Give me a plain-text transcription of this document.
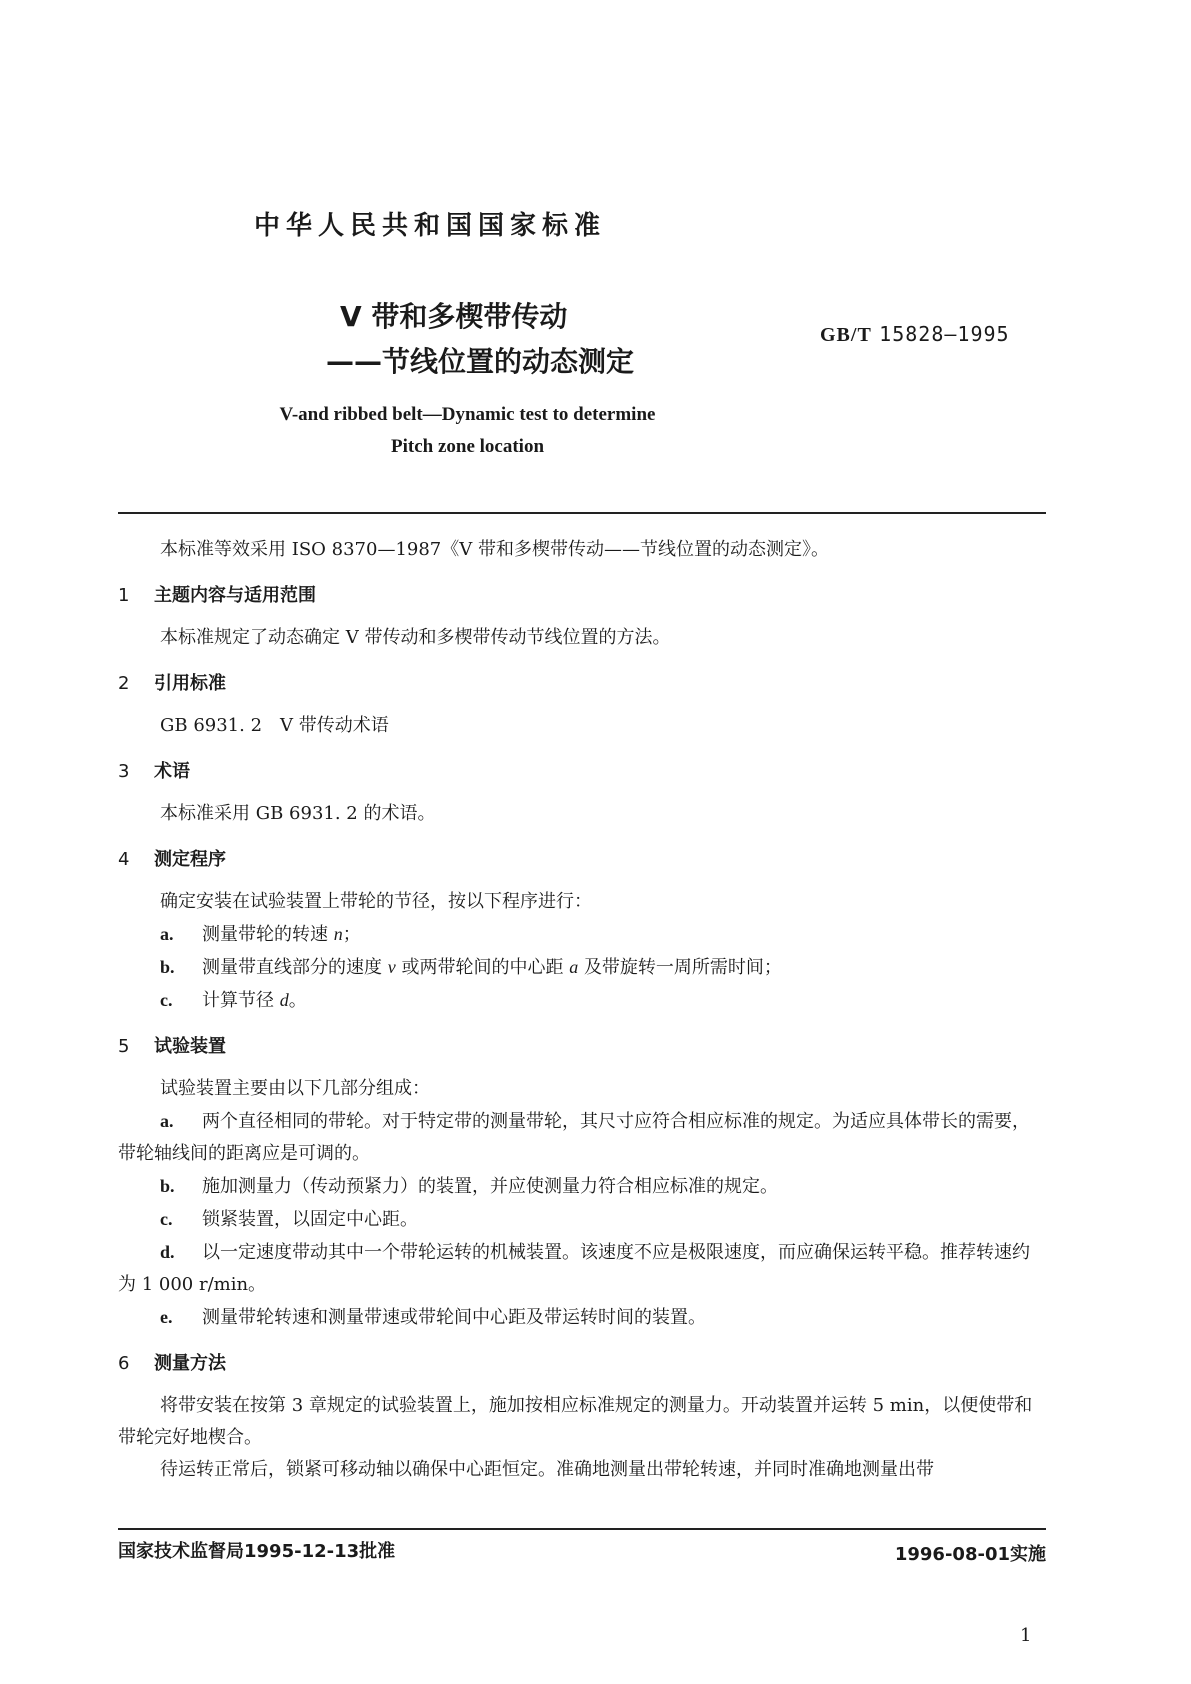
中华人民共和国国家标准
V 带和多楔带传动
——节线位置的动态测定
GB/T 15828—1995
V-and ribbed belt—Dynamic test to determine
Pitch zone location

本标准等效采用 ISO 8370—1987《V 带和多楔带传动——节线位置的动态测定》。

1 主题内容与适用范围

本标准规定了动态确定 V 带传动和多楔带传动节线位置的方法。

2 引用标准

GB 6931. 2　V 带传动术语

3 术语

本标准采用 GB 6931. 2 的术语。

4 测定程序

确定安装在试验装置上带轮的节径，按以下程序进行：

a. 测量带轮的转速 n；

b. 测量带直线部分的速度 v 或两带轮间的中心距 a 及带旋转一周所需时间；

c. 计算节径 d。

5 试验装置

试验装置主要由以下几部分组成：

a. 两个直径相同的带轮。对于特定带的测量带轮，其尺寸应符合相应标准的规定。为适应具体带长的需要，带轮轴线间的距离应是可调的。

b. 施加测量力（传动预紧力）的装置，并应使测量力符合相应标准的规定。

c. 锁紧装置，以固定中心距。

d. 以一定速度带动其中一个带轮运转的机械装置。该速度不应是极限速度，而应确保运转平稳。推荐转速约为 1 000 r/min。

e. 测量带轮转速和测量带速或带轮间中心距及带运转时间的装置。

6 测量方法

将带安装在按第 3 章规定的试验装置上，施加按相应标准规定的测量力。开动装置并运转 5 min，以便使带和带轮完好地楔合。

待运转正常后，锁紧可移动轴以确保中心距恒定。准确地测量出带轮转速，并同时准确地测量出带

国家技术监督局1995-12-13批准	1996-08-01实施
1
